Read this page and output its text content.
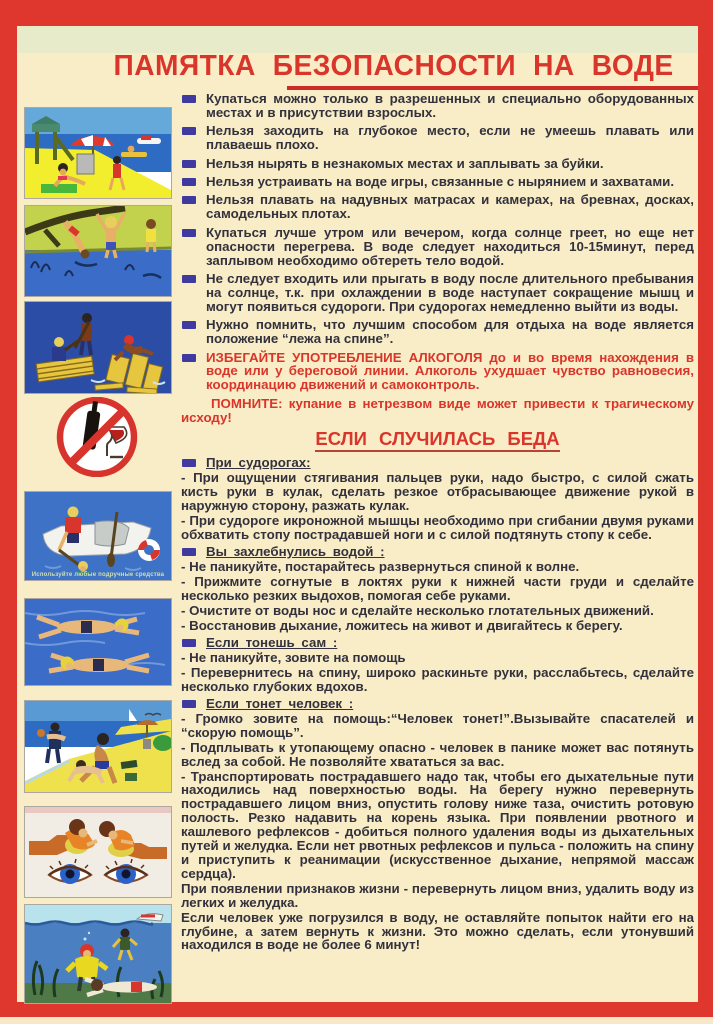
ПАМЯТКА БЕЗОПАСНОСТИ НА ВОДЕ
Используйте любые подручные средства
Купаться можно только в разрешенных и специально оборудованных местах и в присутствии взрослых.
Нельзя заходить на глубокое место, если не умеешь плавать или плаваешь плохо.
Нельзя нырять в незнакомых местах и заплывать за буйки.
Нельзя устраивать на воде игры, связанные с нырянием и захватами.
Нельзя плавать на надувных матрасах и камерах, на бревнах, досках, самодельных плотах.
Купаться лучше утром или вечером, когда солнце греет, но еще нет опасности перегрева. В воде следует находиться 10-15минут, перед заплывом необходимо обтереть тело водой.
Не следует входить или прыгать в воду после длительного пребывания на солнце, т.к. при охлаждении в воде наступает сокращение мышц и могут появиться судороги. При судорогах немедленно выйти из воды.
Нужно помнить, что лучшим способом для отдыха на воде является положение “лежа на спине”.
ИЗБЕГАЙТЕ УПОТРЕБЛЕНИЕ АЛКОГОЛЯ до и во время нахождения в воде или у береговой линии. Алкоголь ухудшает чувство равновесия, координацию движений и самоконтроль.
ПОМНИТЕ: купание в нетрезвом виде может привести к трагическому исходу!
ЕСЛИ СЛУЧИЛАСЬ БЕДА
При судорогах:
- При ощущении стягивания пальцев руки, надо быстро, с силой сжать кисть руки в кулак, сделать резкое отбрасывающее движение рукой в наружную сторону, разжать кулак.
- При судороге икроножной мышцы необходимо при сгибании двумя руками обхватить стопу пострадавшей ноги и с силой подтянуть стопу к себе.
Вы захлебнулись водой :
- Не паникуйте, постарайтесь развернуться спиной к волне.
- Прижмите согнутые в локтях руки к нижней части груди и сделайте несколько резких выдохов, помогая себе руками.
- Очистите от воды нос и сделайте несколько глотательных движений.
- Восстановив дыхание, ложитесь на живот и двигайтесь к берегу.
Если тонешь сам :
- Не паникуйте, зовите на помощь
- Перевернитесь на спину, широко раскиньте руки, расслабьтесь, сделайте несколько глубоких вдохов.
Если тонет человек :
- Громко зовите на помощь:“Человек тонет!”.Вызывайте спасателей и “скорую помощь”.
- Подплывать к утопающему опасно - человек в панике может вас потянуть вслед за собой. Не позволяйте хвататься за вас.
- Транспортировать пострадавшего надо так, чтобы его дыхательные пути находились над поверхностью воды. На берегу нужно перевернуть пострадавшего лицом вниз, опустить голову ниже таза, очистить ротовую полость. Резко надавить на корень языка. При появлении рвотного и кашлевого рефлексов - добиться полного удаления воды из дыхательных путей и желудка. Если нет рвотных рефлексов и пульса - положить на спину и приступить к реанимации (искусственное дыхание, непрямой массаж сердца).
При появлении признаков жизни - перевернуть лицом вниз, удалить воду из легких и желудка.
Если человек уже погрузился в воду, не оставляйте попыток найти его на глубине, а затем вернуть к жизни. Это можно сделать, если утонувший находился в воде не более 6 минут!
